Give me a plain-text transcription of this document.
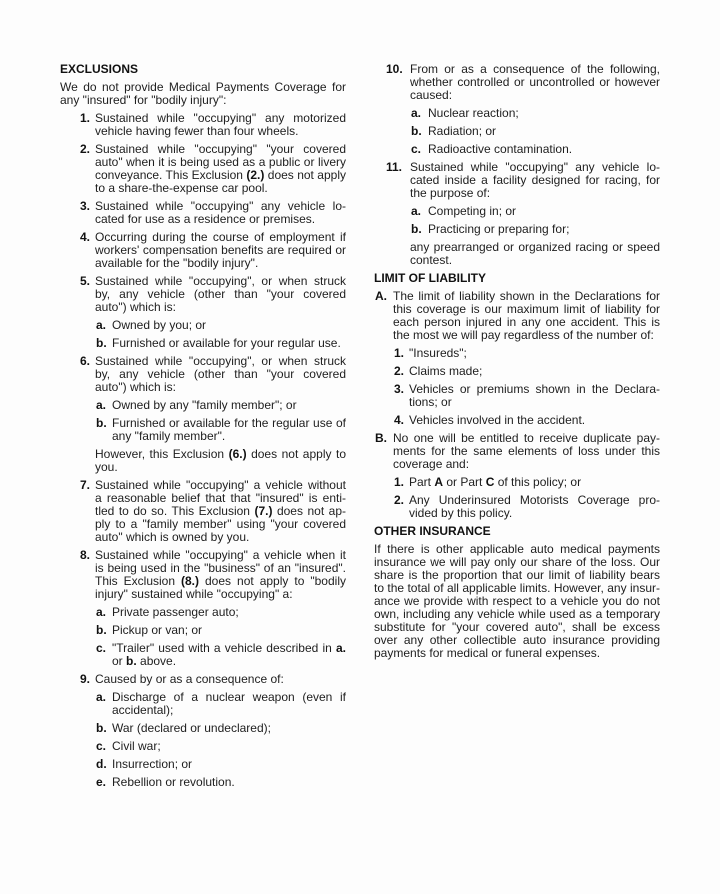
EXCLUSIONS
We do not provide Medical Payments Coverage for any "insured" for "bodily injury":
1. Sustained while "occupying" any motorized vehicle having fewer than four wheels.
2. Sustained while "occupying" "your covered auto" when it is being used as a public or livery conveyance. This Exclusion (2.) does not apply to a share-the-expense car pool.
3. Sustained while "occupying" any vehicle located for use as a residence or premises.
4. Occurring during the course of employment if workers' compensation benefits are required or available for the "bodily injury".
5. Sustained while "occupying", or when struck by, any vehicle (other than "your covered auto") which is:
a. Owned by you; or
b. Furnished or available for your regular use.
6. Sustained while "occupying", or when struck by, any vehicle (other than "your covered auto") which is:
a. Owned by any "family member"; or
b. Furnished or available for the regular use of any "family member".
However, this Exclusion (6.) does not apply to you.
7. Sustained while "occupying" a vehicle without a reasonable belief that that "insured" is entitled to do so. This Exclusion (7.) does not apply to a "family member" using "your covered auto" which is owned by you.
8. Sustained while "occupying" a vehicle when it is being used in the "business" of an "insured". This Exclusion (8.) does not apply to "bodily injury" sustained while "occupying" a:
a. Private passenger auto;
b. Pickup or van; or
c. "Trailer" used with a vehicle described in a. or b. above.
9. Caused by or as a consequence of:
a. Discharge of a nuclear weapon (even if accidental);
b. War (declared or undeclared);
c. Civil war;
d. Insurrection; or
e. Rebellion or revolution.
10. From or as a consequence of the following, whether controlled or uncontrolled or however caused:
a. Nuclear reaction;
b. Radiation; or
c. Radioactive contamination.
11. Sustained while "occupying" any vehicle located inside a facility designed for racing, for the purpose of:
a. Competing in; or
b. Practicing or preparing for;
any prearranged or organized racing or speed contest.
LIMIT OF LIABILITY
A. The limit of liability shown in the Declarations for this coverage is our maximum limit of liability for each person injured in any one accident. This is the most we will pay regardless of the number of:
1. "Insureds";
2. Claims made;
3. Vehicles or premiums shown in the Declarations; or
4. Vehicles involved in the accident.
B. No one will be entitled to receive duplicate payments for the same elements of loss under this coverage and:
1. Part A or Part C of this policy; or
2. Any Underinsured Motorists Coverage provided by this policy.
OTHER INSURANCE
If there is other applicable auto medical payments insurance we will pay only our share of the loss. Our share is the proportion that our limit of liability bears to the total of all applicable limits. However, any insurance we provide with respect to a vehicle you do not own, including any vehicle while used as a temporary substitute for "your covered auto", shall be excess over any other collectible auto insurance providing payments for medical or funeral expenses.
